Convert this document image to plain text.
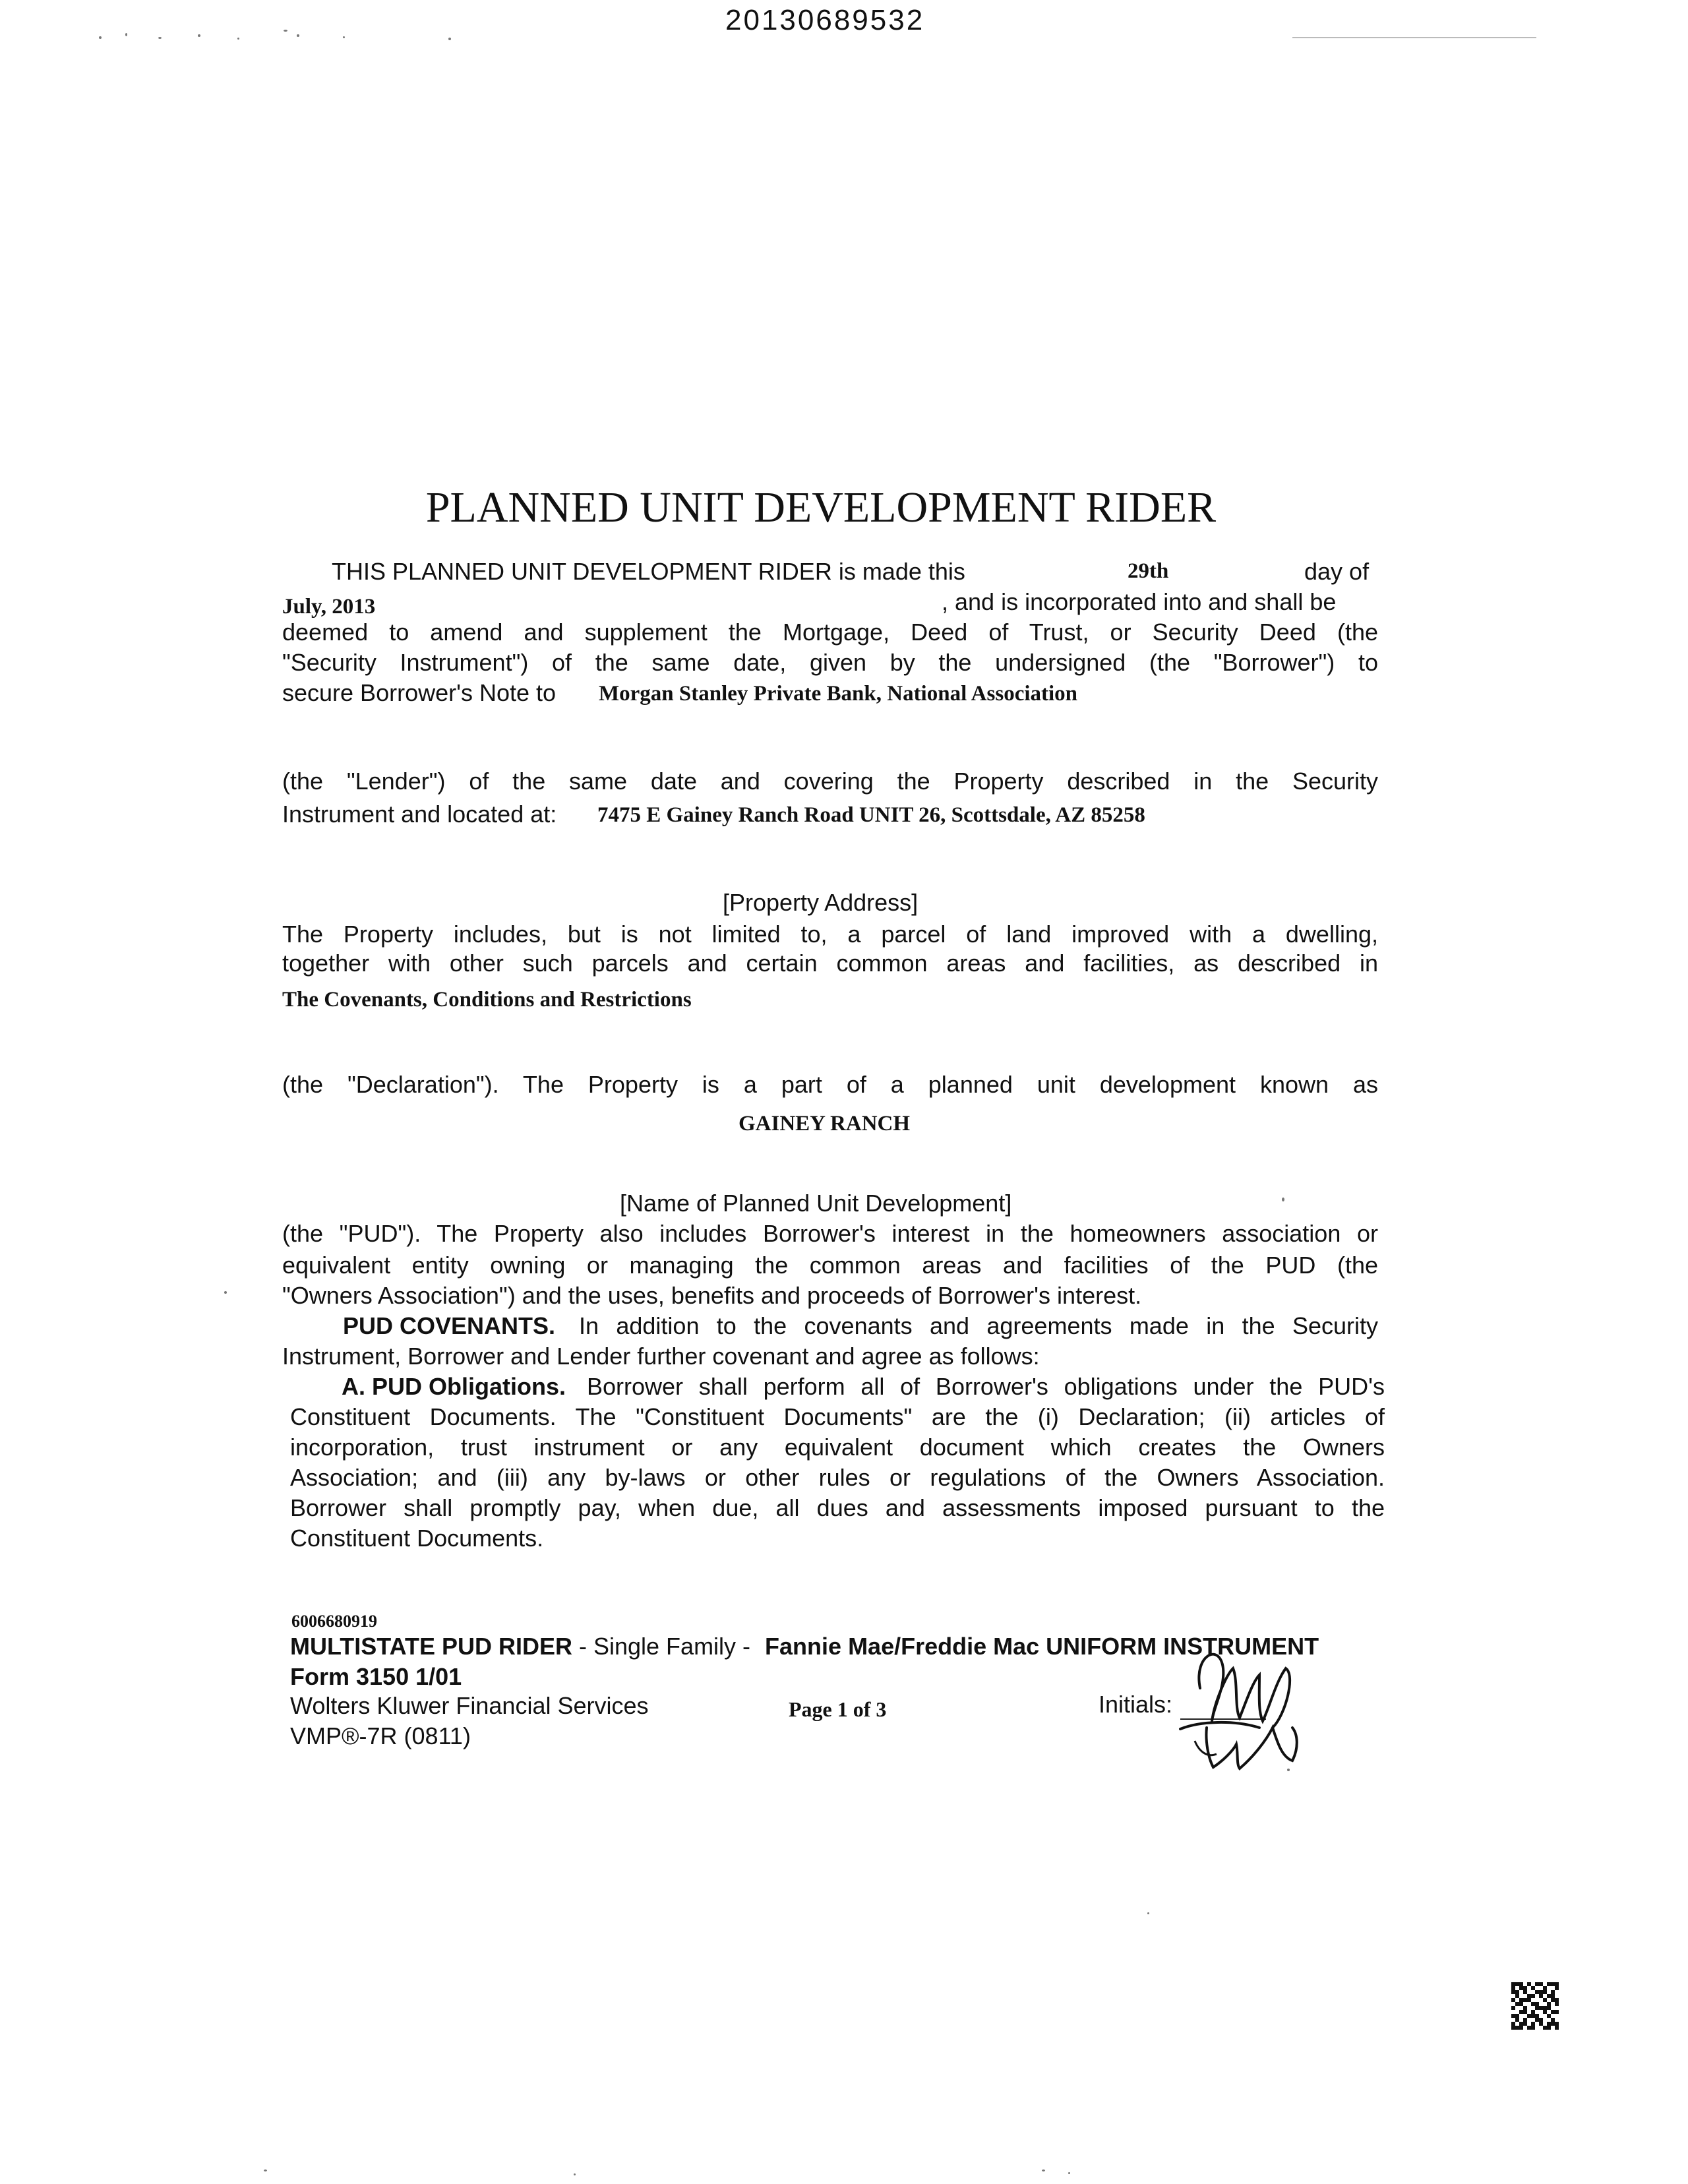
20130689532
PLANNED UNIT DEVELOPMENT RIDER
THIS PLANNED UNIT DEVELOPMENT RIDER is made this	29th	day of
July, 2013	, and is incorporated into and shall be
deemed to amend and supplement the Mortgage, Deed of Trust, or Security Deed (the
"Security Instrument") of the same date, given by the undersigned (the "Borrower") to
secure Borrower's Note to Morgan Stanley Private Bank, National Association
(the "Lender") of the same date and covering the Property described in the Security
Instrument and located at: 7475 E Gainey Ranch Road UNIT 26, Scottsdale, AZ 85258
[Property Address]
The Property includes, but is not limited to, a parcel of land improved with a dwelling,
together with other such parcels and certain common areas and facilities, as described in
The Covenants, Conditions and Restrictions
(the "Declaration"). The Property is a part of a planned unit development known as
GAINEY RANCH
[Name of Planned Unit Development]
(the "PUD"). The Property also includes Borrower's interest in the homeowners association or
equivalent entity owning or managing the common areas and facilities of the PUD (the
"Owners Association") and the uses, benefits and proceeds of Borrower's interest.
PUD COVENANTS. In addition to the covenants and agreements made in the Security
Instrument, Borrower and Lender further covenant and agree as follows:
A. PUD Obligations. Borrower shall perform all of Borrower's obligations under the PUD's
Constituent Documents. The "Constituent Documents" are the (i) Declaration; (ii) articles of
incorporation, trust instrument or any equivalent document which creates the Owners
Association; and (iii) any by-laws or other rules or regulations of the Owners Association.
Borrower shall promptly pay, when due, all dues and assessments imposed pursuant to the
Constituent Documents.
6006680919
MULTISTATE PUD RIDER - Single Family - Fannie Mae/Freddie Mac UNIFORM INSTRUMENT
Form 3150 1/01
Wolters Kluwer Financial Services	Page 1 of 3	Initials:
VMP®-7R (0811)
